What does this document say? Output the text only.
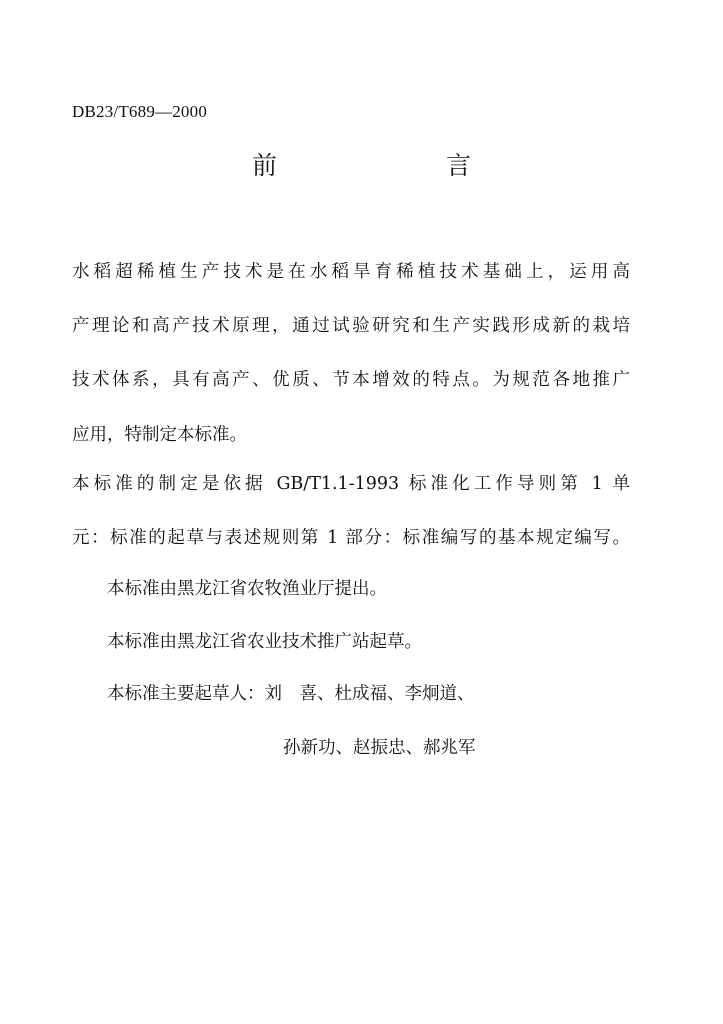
DB23/T689—2000
前　言
水稻超稀植生产技术是在水稻旱育稀植技术基础上，运用高
产理论和高产技术原理，通过试验研究和生产实践形成新的栽培
技术体系，具有高产、优质、节本增效的特点。为规范各地推广
应用，特制定本标准。
本标准的制定是依据 GB/T1.1-1993 标准化工作导则第 1 单
元：标准的起草与表述规则第 1 部分：标准编写的基本规定编写。
本标准由黑龙江省农牧渔业厅提出。
本标准由黑龙江省农业技术推广站起草。
本标准主要起草人：刘　喜、杜成福、李炯道、
孙新功、赵振忠、郝兆军
